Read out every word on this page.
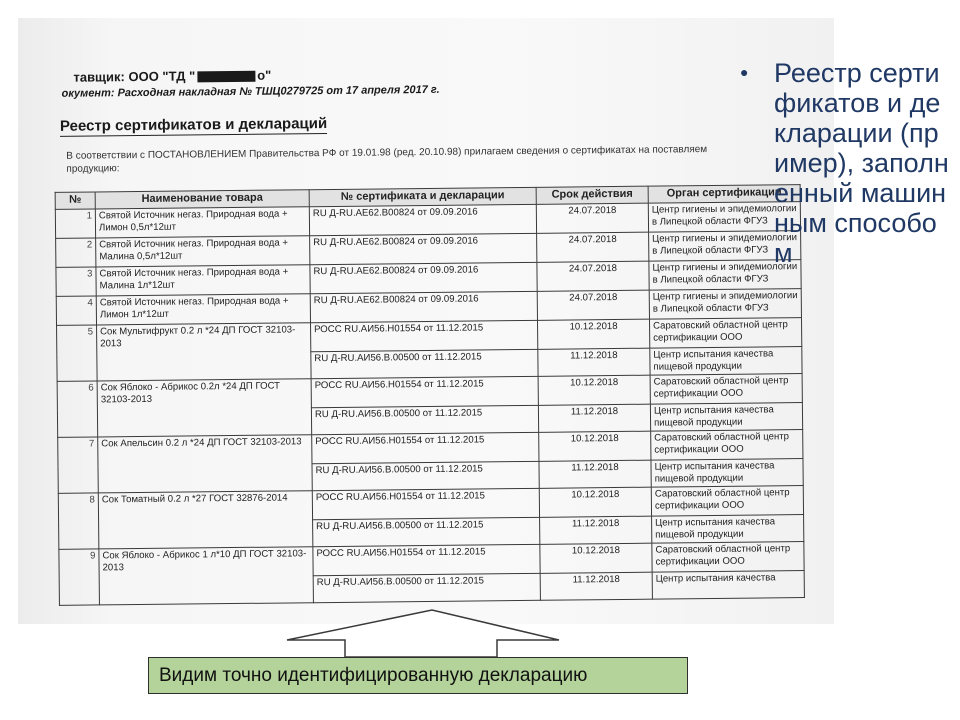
тавщик: ООО "ТД "	о"
окумент: Расходная накладная № ТШЦ0279725 от 17 апреля 2017 г.
Реестр сертификатов и деклараций
В соответствии с ПОСТАНОВЛЕНИЕМ Правительства РФ от 19.01.98 (ред. 20.10.98) прилагаем сведения о сертификатах на поставляем
продукцию:
№	Наименование товара	№ сертификата и декларации	Срок действия	Орган сертификации
1	Святой Источник негаз. Природная вода + Лимон 0,5л*12шт	RU Д-RU.АЕ62.В00824 от 09.09.2016	24.07.2018	Центр гигиены и эпидемиологии в Липецкой области ФГУЗ
2	Святой Источник негаз. Природная вода + Малина 0,5л*12шт	RU Д-RU.АЕ62.В00824 от 09.09.2016	24.07.2018	Центр гигиены и эпидемиологии в Липецкой области ФГУЗ
3	Святой Источник негаз. Природная вода + Малина 1л*12шт	RU Д-RU.АЕ62.В00824 от 09.09.2016	24.07.2018	Центр гигиены и эпидемиологии в Липецкой области ФГУЗ
4	Святой Источник негаз. Природная вода + Лимон 1л*12шт	RU Д-RU.АЕ62.В00824 от 09.09.2016	24.07.2018	Центр гигиены и эпидемиологии в Липецкой области ФГУЗ
5	Сок Мультифрукт 0.2 л *24 ДП ГОСТ 32103-2013	РОСС RU.АИ56.Н01554 от 11.12.2015	10.12.2018	Саратовский областной центр сертификации ООО
		RU Д-RU.АИ56.В.00500 от 11.12.2015	11.12.2018	Центр испытания качества пищевой продукции
6	Сок Яблоко - Абрикос 0.2л *24 ДП ГОСТ 32103-2013	РОСС RU.АИ56.Н01554 от 11.12.2015	10.12.2018	Саратовский областной центр сертификации ООО
		RU Д-RU.АИ56.В.00500 от 11.12.2015	11.12.2018	Центр испытания качества пищевой продукции
7	Сок Апельсин 0.2 л *24 ДП ГОСТ 32103-2013	РОСС RU.АИ56.Н01554 от 11.12.2015	10.12.2018	Саратовский областной центр сертификации ООО
		RU Д-RU.АИ56.В.00500 от 11.12.2015	11.12.2018	Центр испытания качества пищевой продукции
8	Сок Томатный 0.2 л *27 ГОСТ 32876-2014	РОСС RU.АИ56.Н01554 от 11.12.2015	10.12.2018	Саратовский областной центр сертификации ООО
		RU Д-RU.АИ56.В.00500 от 11.12.2015	11.12.2018	Центр испытания качества пищевой продукции
9	Сок Яблоко - Абрикос 1 л*10 ДП ГОСТ 32103-2013	РОСС RU.АИ56.Н01554 от 11.12.2015	10.12.2018	Саратовский областной центр сертификации ООО
		RU Д-RU.АИ56.В.00500 от 11.12.2015	11.12.2018	Центр испытания качества
● Реестр сертификатов и декларации (пример), заполненный машинным способом
Видим точно идентифицированную декларацию
